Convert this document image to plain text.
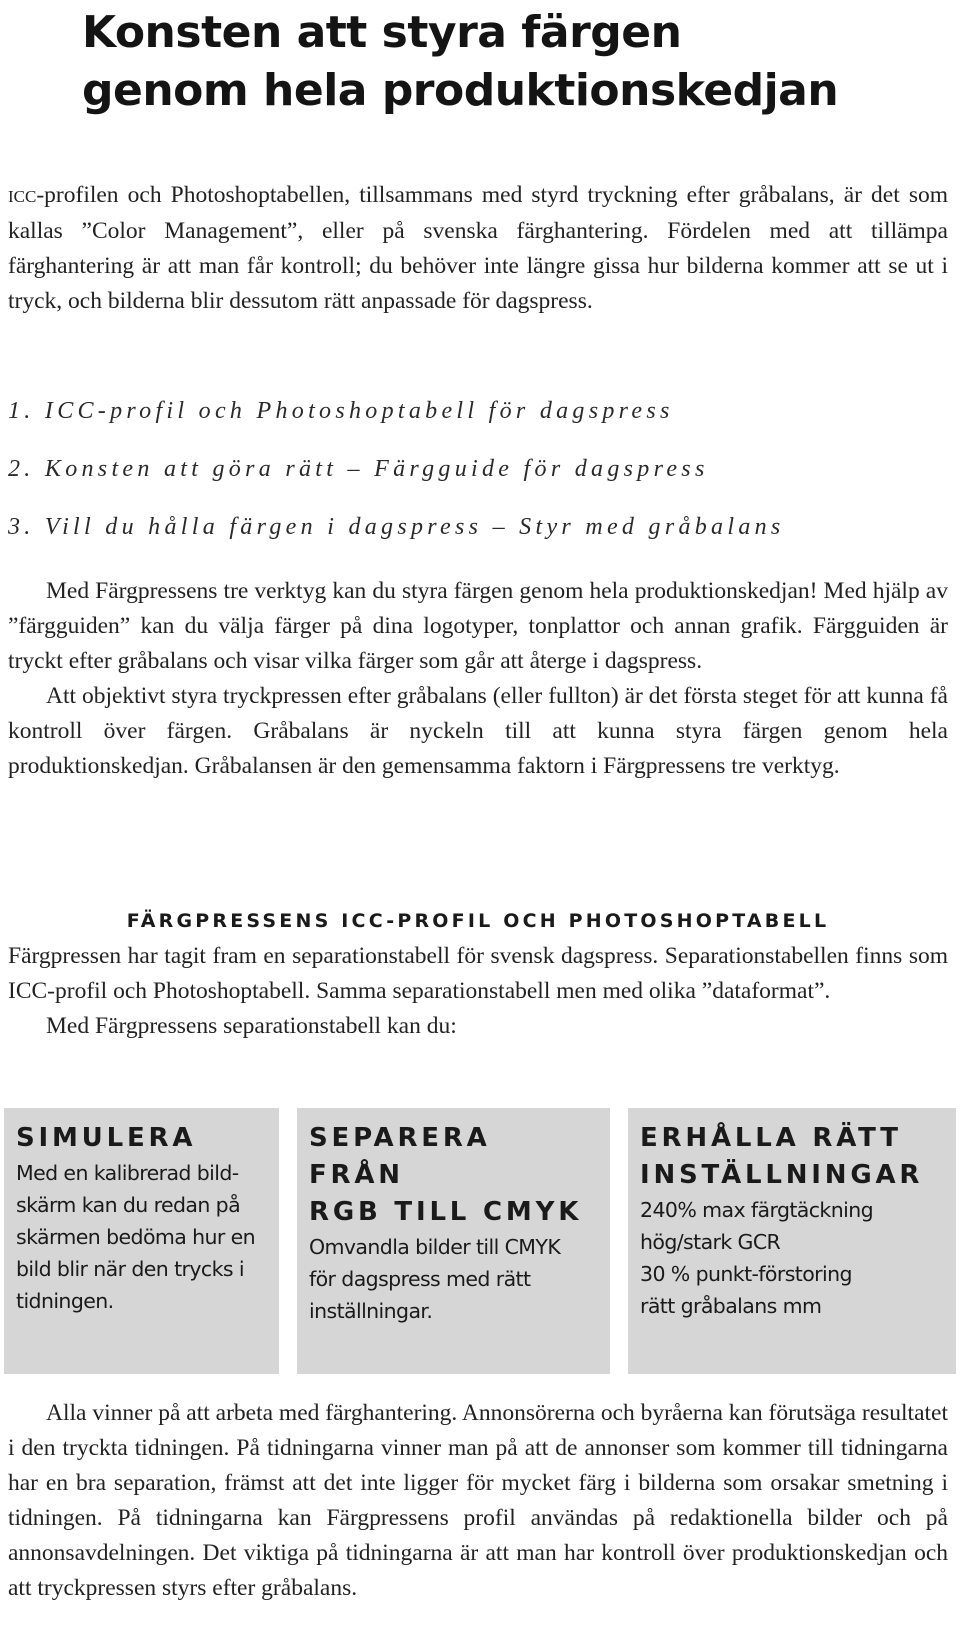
Konsten att styra färgen
genom hela produktionskedjan
ICC-profilen och Photoshoptabellen, tillsammans med styrd tryckning efter gråbalans, är det som kallas ”Color Management”, eller på svenska färghantering. Fördelen med att tillämpa färghantering är att man får kontroll; du behöver inte längre gissa hur bilderna kommer att se ut i tryck, och bilderna blir dessutom rätt anpassade för dagspress.
1. ICC-profil och Photoshoptabell för dagspress
2. Konsten att göra rätt – Färgguide för dagspress
3. Vill du hålla färgen i dagspress – Styr med gråbalans
Med Färgpressens tre verktyg kan du styra färgen genom hela produktionskedjan! Med hjälp av ”färgguiden” kan du välja färger på dina logotyper, tonplattor och annan grafik. Färgguiden är tryckt efter gråbalans och visar vilka färger som går att återge i dagspress.
Att objektivt styra tryckpressen efter gråbalans (eller fullton) är det första steget för att kunna få kontroll över färgen. Gråbalans är nyckeln till att kunna styra färgen genom hela produktionskedjan. Gråbalansen är den gemensamma faktorn i Färgpressens tre verktyg.
FÄRGPRESSENS ICC-PROFIL OCH PHOTOSHOPTABELL
Färgpressen har tagit fram en separationstabell för svensk dagspress. Separationstabellen finns som ICC-profil och Photoshoptabell. Samma separationstabell men med olika ”dataformat”.
Med Färgpressens separationstabell kan du:
SIMULERA
Med en kalibrerad bild-
skärm kan du redan på
skärmen bedöma hur en
bild blir när den trycks i
tidningen.
SEPARERA FRÅN
RGB TILL CMYK
Omvandla bilder till CMYK
för dagspress med rätt
inställningar.
ERHÅLLA RÄTT
INSTÄLLNINGAR
240% max färgtäckning
hög/stark GCR
30 % punkt-förstoring
rätt gråbalans mm
Alla vinner på att arbeta med färghantering. Annonsörerna och byråerna kan förutsäga resultatet i den tryckta tidningen. På tidningarna vinner man på att de annonser som kommer till tidningarna har en bra separation, främst att det inte ligger för mycket färg i bilderna som orsakar smetning i tidningen. På tidningarna kan Färgpressens profil användas på redaktionella bilder och på annonsavdelningen. Det viktiga på tidningarna är att man har kontroll över produktionskedjan och att tryckpressen styrs efter gråbalans.
